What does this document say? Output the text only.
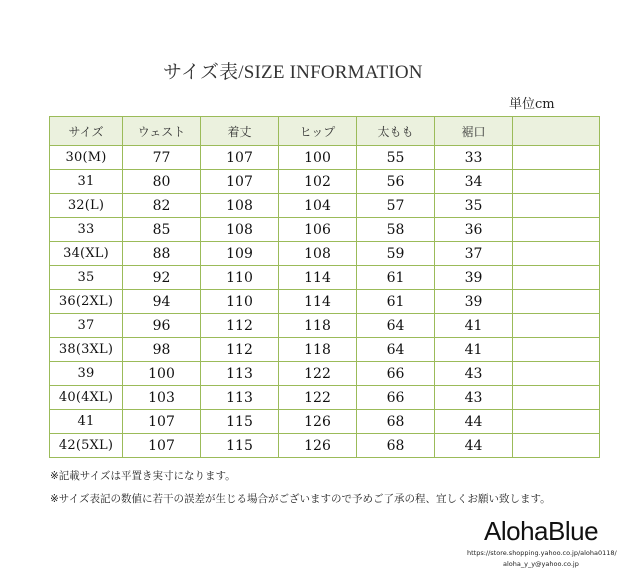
サイズ表/SIZE INFORMATION
単位cm
サイズ	ウェスト	着丈	ヒップ	太もも	裾口	
30(M)	77	107	100	55	33	
31	80	107	102	56	34	
32(L)	82	108	104	57	35	
33	85	108	106	58	36	
34(XL)	88	109	108	59	37	
35	92	110	114	61	39	
36(2XL)	94	110	114	61	39	
37	96	112	118	64	41	
38(3XL)	98	112	118	64	41	
39	100	113	122	66	43	
40(4XL)	103	113	122	66	43	
41	107	115	126	68	44	
42(5XL)	107	115	126	68	44	
※記載サイズは平置き実寸になります。
※サイズ表記の数値に若干の誤差が生じる場合がございますので予めご了承の程、宜しくお願い致します。
AlohaBlue
https://store.shopping.yahoo.co.jp/aloha0118/
aloha_y_y@yahoo.co.jp
